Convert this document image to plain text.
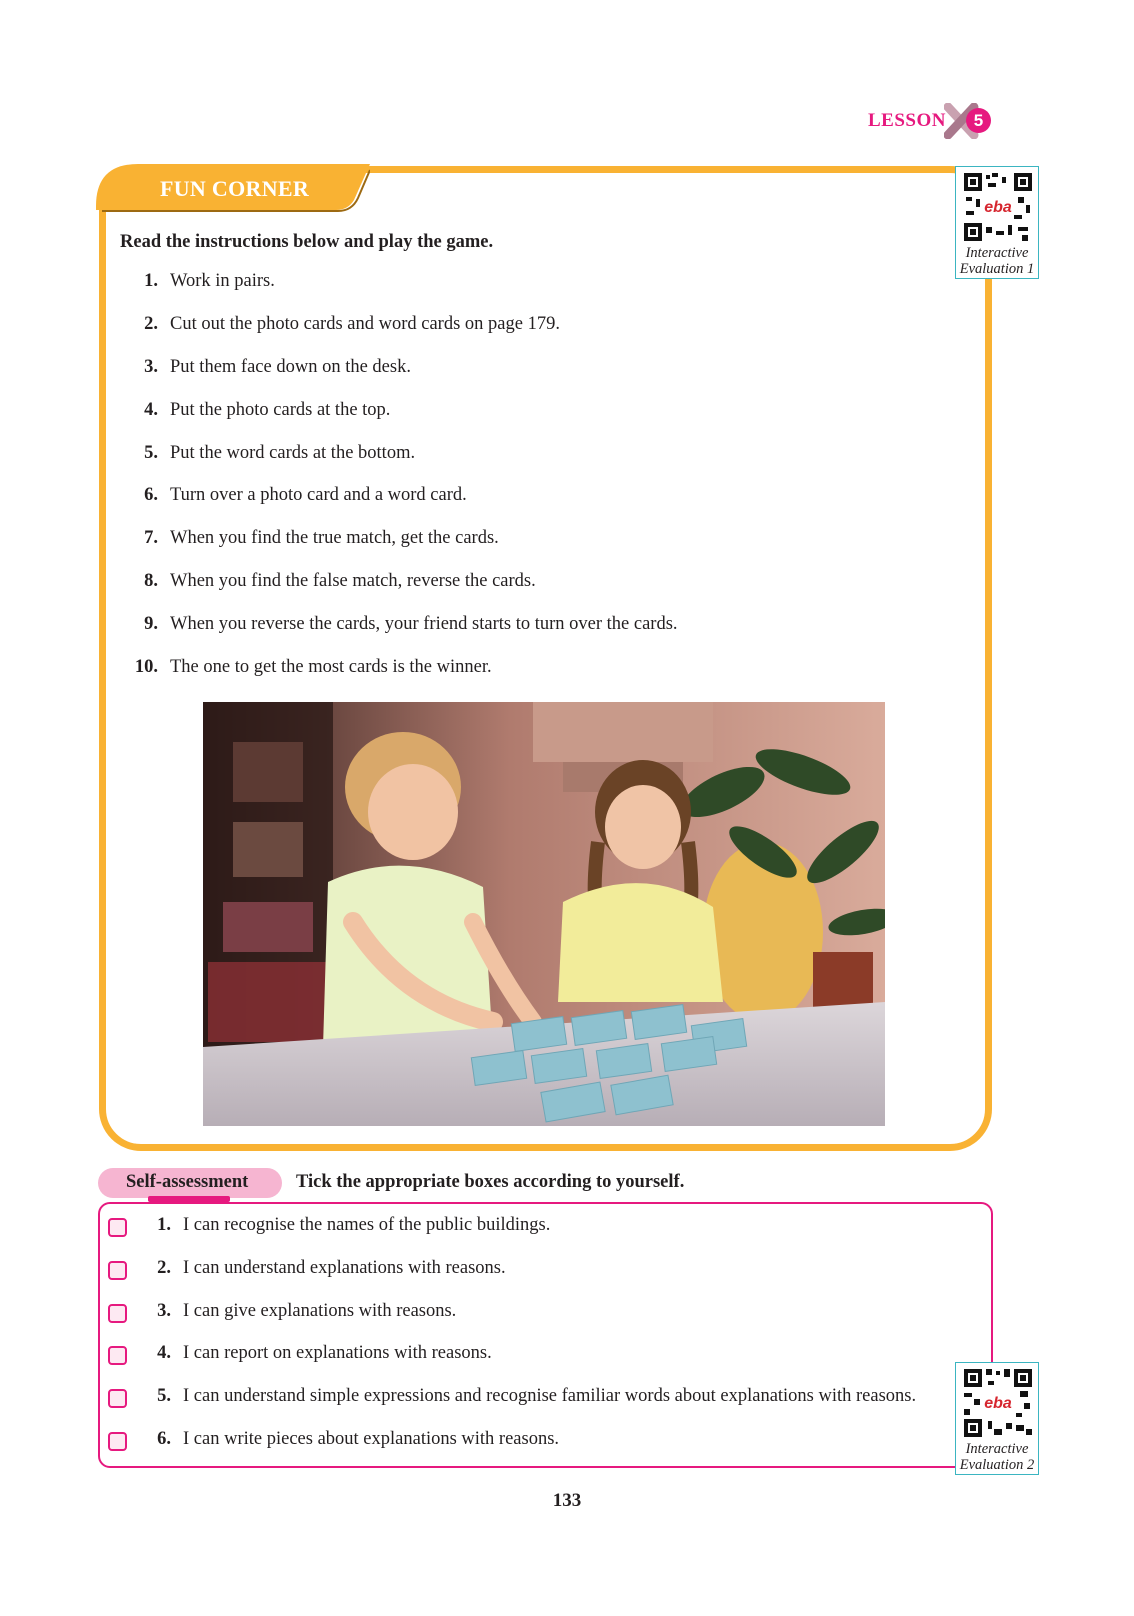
LESSON	5
FUN CORNER
Read the instructions below and play the game.
1. Work in pairs.
2. Cut out the photo cards and word cards on page 179.
3. Put them face down on the desk.
4. Put the photo cards at the top.
5. Put the word cards at the bottom.
6. Turn over a photo card and a word card.
7. When you find the true match, get the cards.
8. When you find the false match, reverse the cards.
9. When you reverse the cards, your friend starts to turn over the cards.
10. The one to get the most cards is the winner.
eba
Interactive
Evaluation 1
Self-assessment	Tick the appropriate boxes according to yourself.
1. I can recognise the names of the public buildings.
2. I can understand explanations with reasons.
3. I can give explanations with reasons.
4. I can report on explanations with reasons.
5. I can understand simple expressions and recognise familiar words about explanations with reasons.
6. I can write pieces about explanations with reasons.
eba
Interactive
Evaluation 2
133
